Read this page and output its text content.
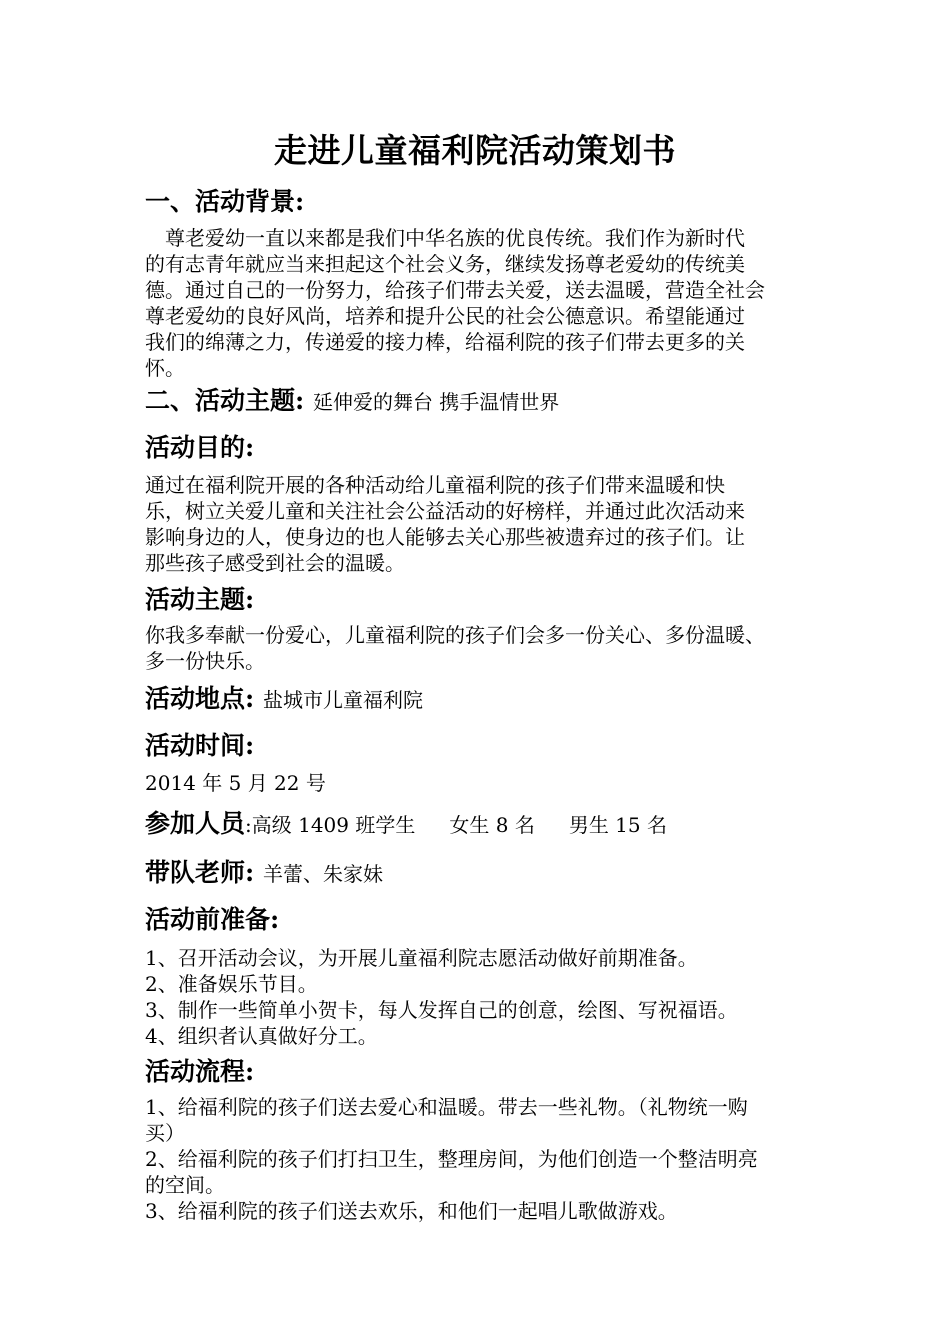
走进儿童福利院活动策划书
一、活动背景:
　尊老爱幼一直以来都是我们中华名族的优良传统。我们作为新时代
的有志青年就应当来担起这个社会义务，继续发扬尊老爱幼的传统美
德。通过自己的一份努力，给孩子们带去关爱，送去温暖，营造全社会
尊老爱幼的良好风尚，培养和提升公民的社会公德意识。希望能通过
我们的绵薄之力，传递爱的接力棒，给福利院的孩子们带去更多的关
怀。
二、活动主题: 延伸爱的舞台 携手温情世界
活动目的:
通过在福利院开展的各种活动给儿童福利院的孩子们带来温暖和快
乐，树立关爱儿童和关注社会公益活动的好榜样，并通过此次活动来
影响身边的人，使身边的也人能够去关心那些被遗弃过的孩子们。让
那些孩子感受到社会的温暖。
活动主题:
你我多奉献一份爱心，儿童福利院的孩子们会多一份关心、多份温暖、
多一份快乐。
活动地点: 盐城市儿童福利院
活动时间:
2014 年 5 月 22 号
参加人员:高级 1409 班学生 女生 8 名 男生 15 名
带队老师: 羊蕾、朱家妹
活动前准备:
1、召开活动会议，为开展儿童福利院志愿活动做好前期准备。
2、准备娱乐节目。
3、制作一些简单小贺卡，每人发挥自己的创意，绘图、写祝福语。
4、组织者认真做好分工。
活动流程:
1、给福利院的孩子们送去爱心和温暖。带去一些礼物。（礼物统一购
买）
2、给福利院的孩子们打扫卫生，整理房间，为他们创造一个整洁明亮
的空间。
3、给福利院的孩子们送去欢乐，和他们一起唱儿歌做游戏。
